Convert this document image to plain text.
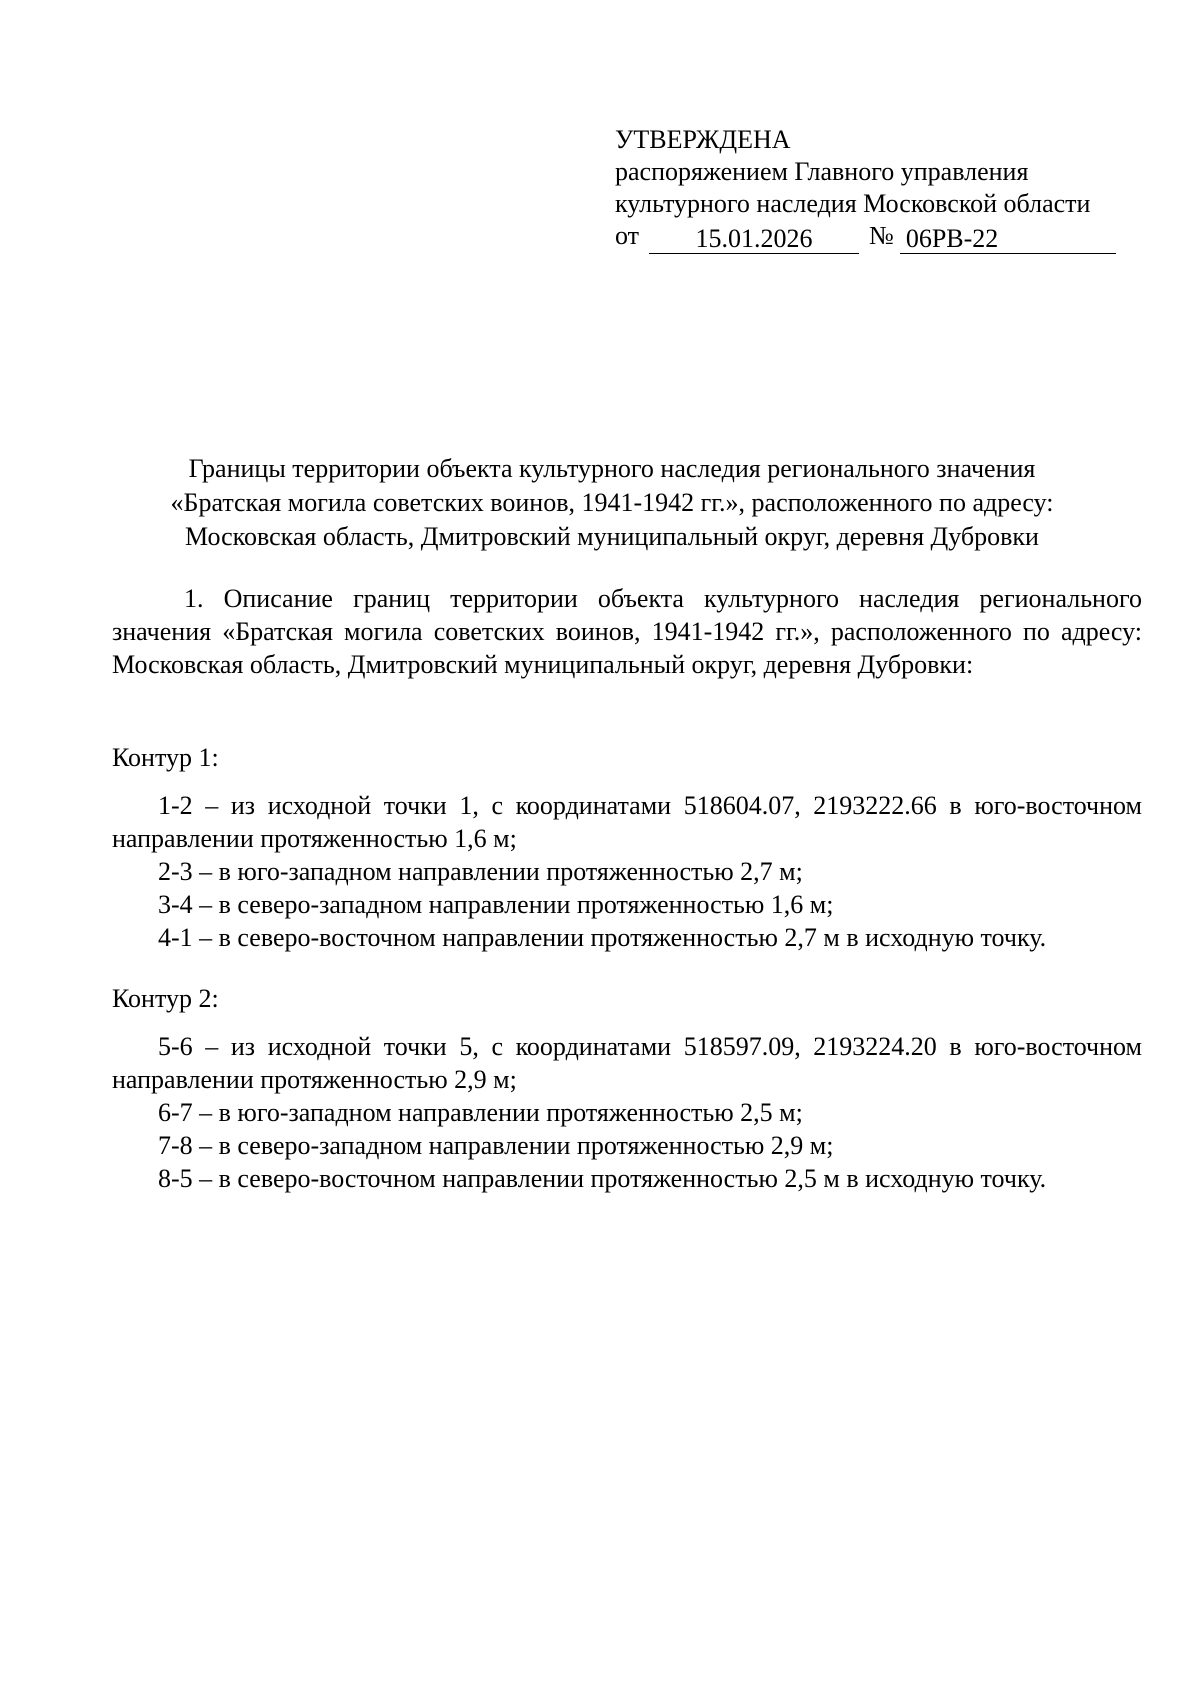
УТВЕРЖДЕНА
распоряжением Главного управления
культурного наследия Московской области
от	15.01.2026	№ 06РВ-22
Границы территории объекта культурного наследия регионального значения
«Братская могила советских воинов, 1941-1942 гг.», расположенного по адресу:
Московская область, Дмитровский муниципальный округ, деревня Дубровки

1. Описание границ территории объекта культурного наследия регионального значения «Братская могила советских воинов, 1941-1942 гг.», расположенного по адресу: Московская область, Дмитровский муниципальный округ, деревня Дубровки:

Контур 1:

1-2 – из исходной точки 1, с координатами 518604.07, 2193222.66 в юго-восточном направлении протяженностью 1,6 м;

2-3 – в юго-западном направлении протяженностью 2,7 м;

3-4 – в северо-западном направлении протяженностью 1,6 м;

4-1 – в северо-восточном направлении протяженностью 2,7 м в исходную точку.

Контур 2:

5-6 – из исходной точки 5, с координатами 518597.09, 2193224.20 в юго-восточном направлении протяженностью 2,9 м;

6-7 – в юго-западном направлении протяженностью 2,5 м;

7-8 – в северо-западном направлении протяженностью 2,9 м;

8-5 – в северо-восточном направлении протяженностью 2,5 м в исходную точку.
